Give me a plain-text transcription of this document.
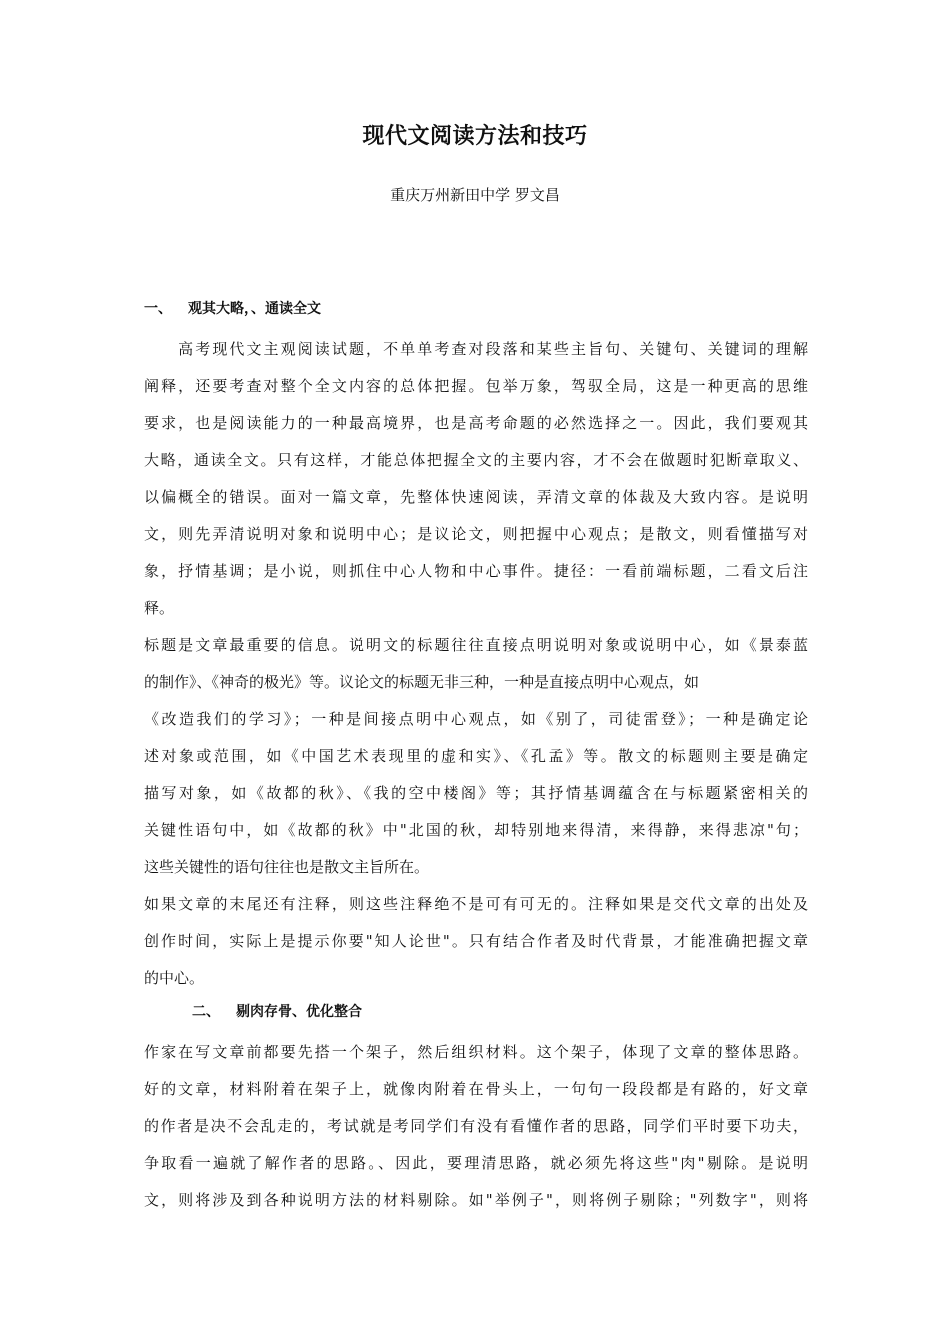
现代文阅读方法和技巧
重庆万州新田中学 罗文昌
一、 观其大略，、通读全文
　　高考现代文主观阅读试题，不单单考查对段落和某些主旨句、关键句、关键词的理解
阐释，还要考查对整个全文内容的总体把握。包举万象，驾驭全局，这是一种更高的思维
要求，也是阅读能力的一种最高境界，也是高考命题的必然选择之一。因此，我们要观其
大略，通读全文。只有这样，才能总体把握全文的主要内容，才不会在做题时犯断章取义、
以偏概全的错误。面对一篇文章，先整体快速阅读，弄清文章的体裁及大致内容。是说明
文，则先弄清说明对象和说明中心；是议论文，则把握中心观点；是散文，则看懂描写对
象，抒情基调；是小说，则抓住中心人物和中心事件。捷径：一看前端标题，二看文后注
释。
标题是文章最重要的信息。说明文的标题往往直接点明说明对象或说明中心，如《景泰蓝
的制作》、《神奇的极光》等。议论文的标题无非三种，一种是直接点明中心观点，如
《改造我们的学习》；一种是间接点明中心观点，如《别了，司徒雷登》；一种是确定论
述对象或范围，如《中国艺术表现里的虚和实》、《孔孟》等。散文的标题则主要是确定
描写对象，如《故都的秋》、《我的空中楼阁》等；其抒情基调蕴含在与标题紧密相关的
关键性语句中，如《故都的秋》中"北国的秋，却特别地来得清，来得静，来得悲凉"句；
这些关键性的语句往往也是散文主旨所在。
如果文章的末尾还有注释，则这些注释绝不是可有可无的。注释如果是交代文章的出处及
创作时间，实际上是提示你要"知人论世"。只有结合作者及时代背景，才能准确把握文章
的中心。
二、 剔肉存骨、优化整合
作家在写文章前都要先搭一个架子，然后组织材料。这个架子，体现了文章的整体思路。
好的文章，材料附着在架子上，就像肉附着在骨头上，一句句一段段都是有路的，好文章
的作者是决不会乱走的，考试就是考同学们有没有看懂作者的思路，同学们平时要下功夫，
争取看一遍就了解作者的思路。、因此，要理清思路，就必须先将这些"肉"剔除。是说明
文，则将涉及到各种说明方法的材料剔除。如"举例子"，则将例子剔除；"列数字"，则将
